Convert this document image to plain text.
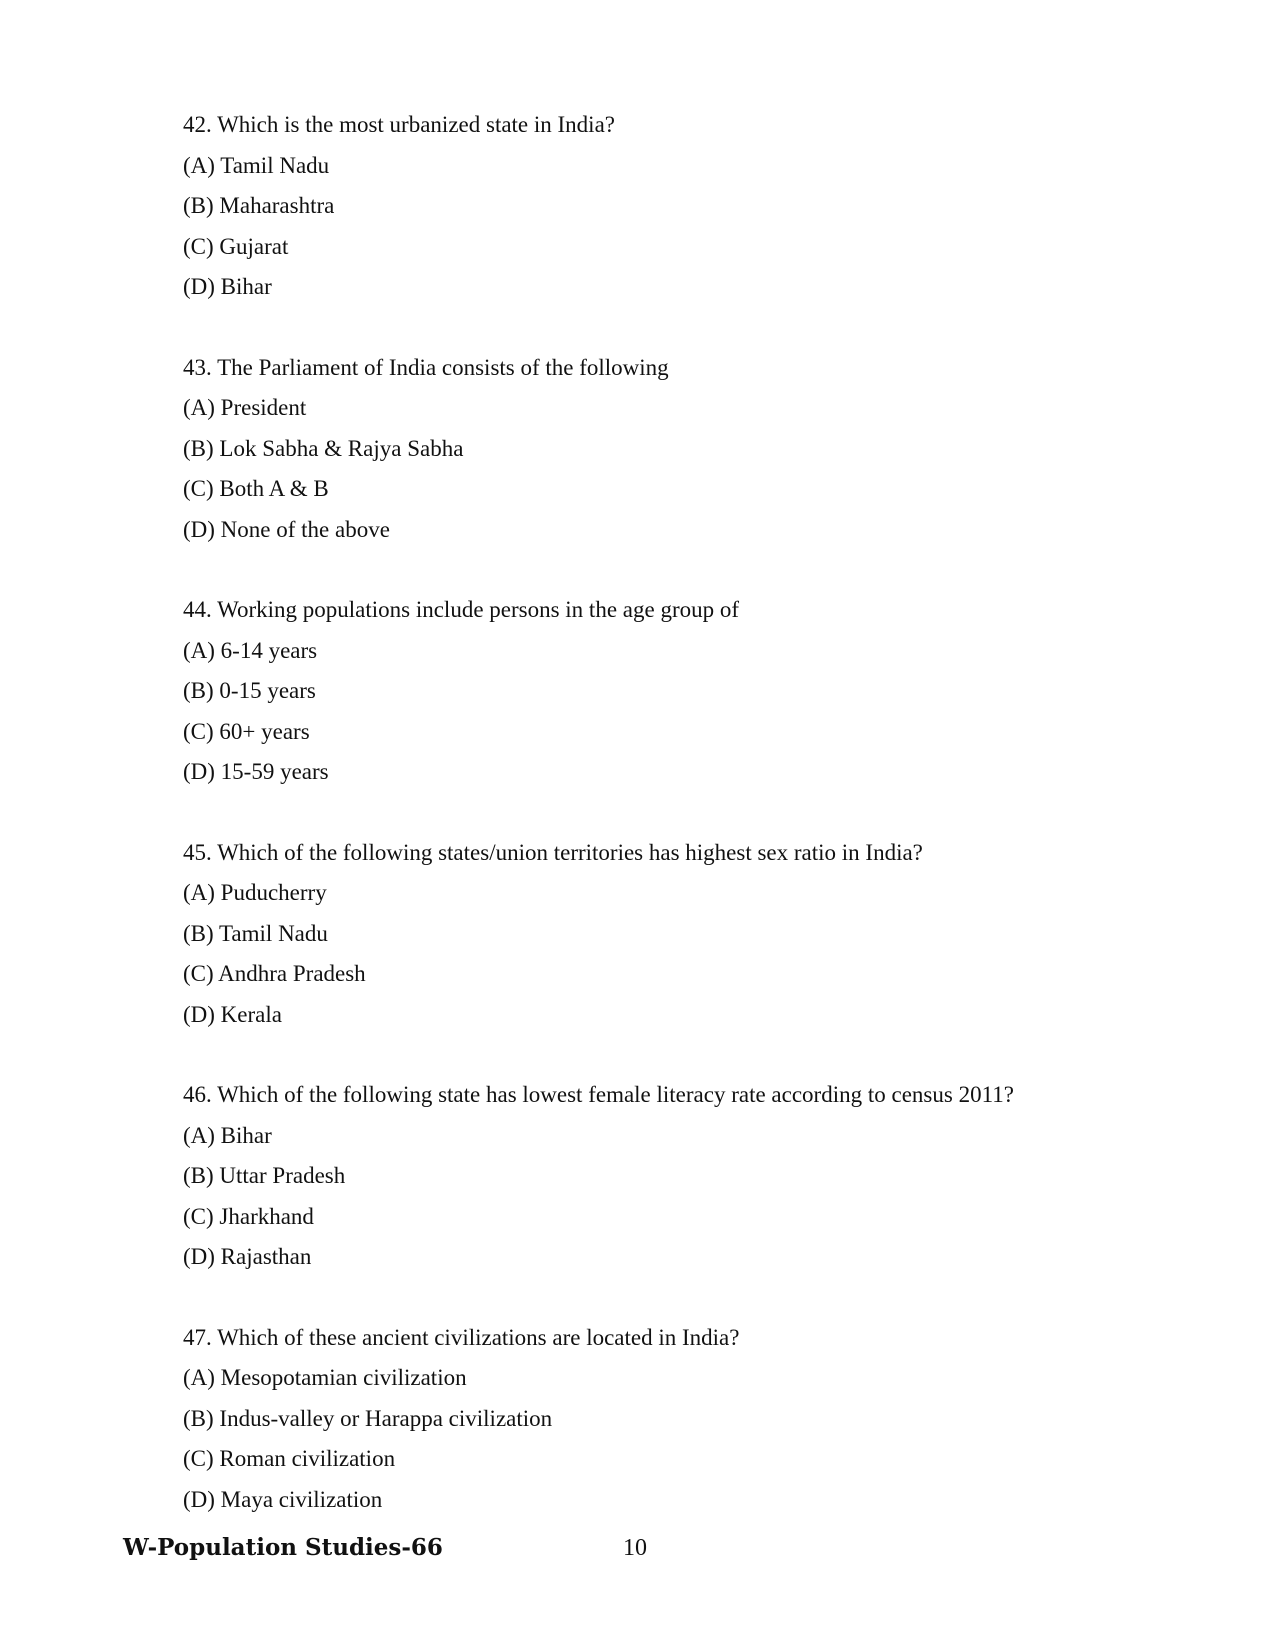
42. Which is the most urbanized state in India?
(A) Tamil Nadu
(B) Maharashtra
(C) Gujarat
(D) Bihar
43. The Parliament of India consists of the following
(A) President
(B) Lok Sabha & Rajya Sabha
(C) Both A & B
(D) None of the above
44. Working populations include persons in the age group of
(A) 6-14 years
(B) 0-15 years
(C) 60+ years
(D) 15-59 years
45. Which of the following states/union territories has highest sex ratio in India?
(A) Puducherry
(B) Tamil Nadu
(C) Andhra Pradesh
(D) Kerala
46. Which of the following state has lowest female literacy rate according to census 2011?
(A) Bihar
(B) Uttar Pradesh
(C) Jharkhand
(D) Rajasthan
47. Which of these ancient civilizations are located in India?
(A) Mesopotamian civilization
(B) Indus-valley or Harappa civilization
(C) Roman civilization
(D) Maya civilization
W-Population Studies-66	10
